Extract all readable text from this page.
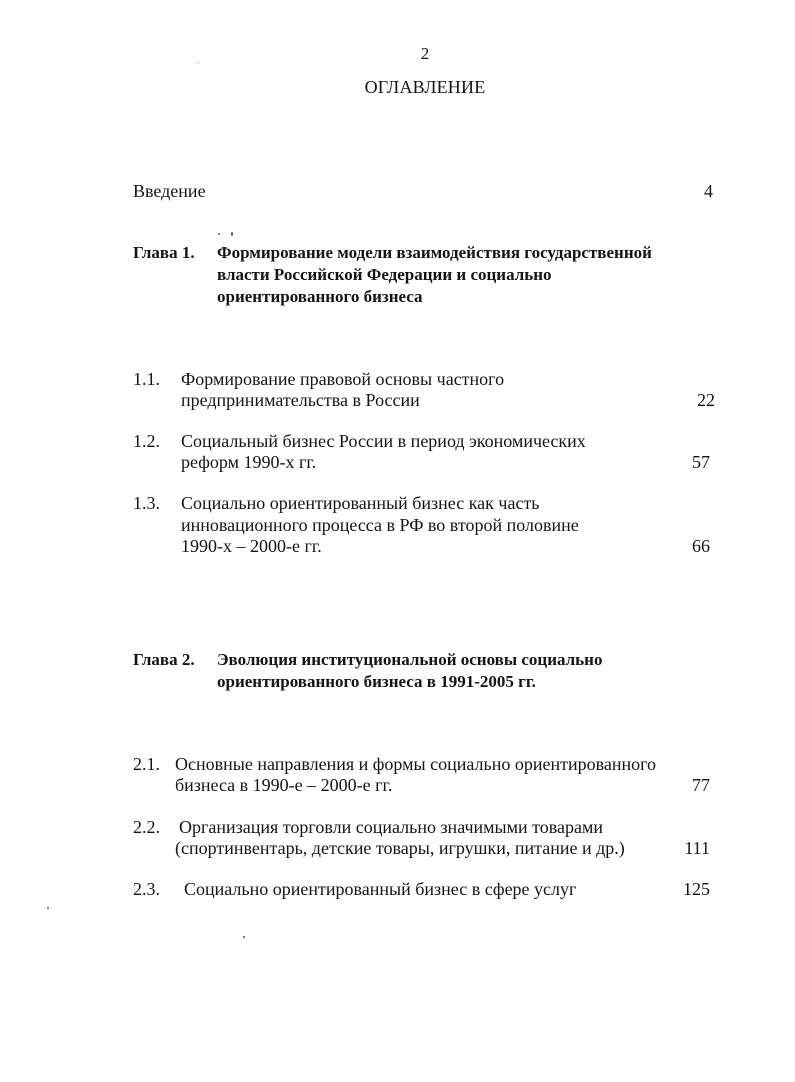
2
ОГЛАВЛЕНИЕ
Введение	4
Глава 1. Формирование модели взаимодействия государственной
власти Российской Федерации и социально
ориентированного бизнеса
1.1. Формирование правовой основы частного
предпринимательства в России	22
1.2. Социальный бизнес России в период экономических
реформ 1990-х гг.	57
1.3. Социально ориентированный бизнес как часть
инновационного процесса в РФ во второй половине
1990-х – 2000-е гг.	66
Глава 2. Эволюция институциональной основы социально
ориентированного бизнеса в 1991-2005 гг.
2.1. Основные направления и формы социально ориентированного
бизнеса в 1990-е – 2000-е гг.	77
2.2. Организация торговли социально значимыми товарами
(спортинвентарь, детские товары, игрушки, питание и др.)	111
2.3. Социально ориентированный бизнес в сфере услуг	125
